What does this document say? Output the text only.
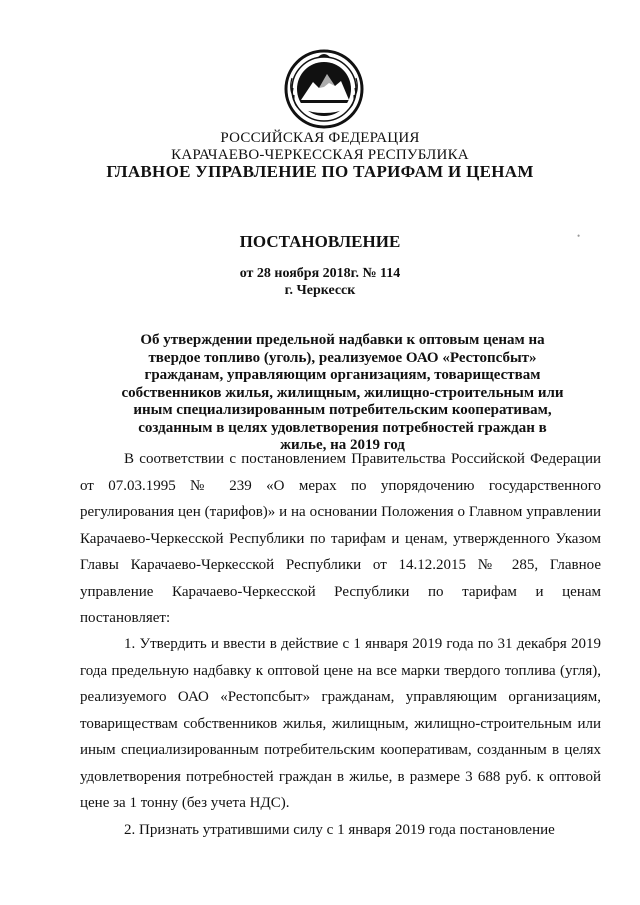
•
РОССИЙСКАЯ ФЕДЕРАЦИЯ
КАРАЧАЕВО-ЧЕРКЕССКАЯ РЕСПУБЛИКА
ГЛАВНОЕ УПРАВЛЕНИЕ ПО ТАРИФАМ И ЦЕНАМ
ПОСТАНОВЛЕНИЕ
от 28 ноября 2018г. № 114
г. Черкесск
Об утверждении предельной надбавки к оптовым ценам на твердое топливо (уголь), реализуемое ОАО «Рестопсбыт» гражданам, управляющим организациям, товариществам собственников жилья, жилищным, жилищно-строительным или иным специализированным потребительским кооперативам, созданным в целях удовлетворения потребностей граждан в жилье, на 2019 год

В соответствии с постановлением Правительства Российской Федерации от 07.03.1995 № 239 «О мерах по упорядочению государственного регулирования цен (тарифов)» и на основании Положения о Главном управлении Карачаево-Черкесской Республики по тарифам и ценам, утвержденного Указом Главы Карачаево-Черкесской Республики от 14.12.2015 № 285, Главное управление Карачаево-Черкесской Республики по тарифам и ценам постановляет:

1. Утвердить и ввести в действие с 1 января 2019 года по 31 декабря 2019 года предельную надбавку к оптовой цене на все марки твердого топлива (угля), реализуемого ОАО «Рестопсбыт» гражданам, управляющим организациям, товариществам собственников жилья, жилищным, жилищно-строительным или иным специализированным потребительским кооперативам, созданным в целях удовлетворения потребностей граждан в жилье, в размере 3 688 руб. к оптовой цене за 1 тонну (без учета НДС).

2. Признать утратившими силу с 1 января 2019 года постановление
